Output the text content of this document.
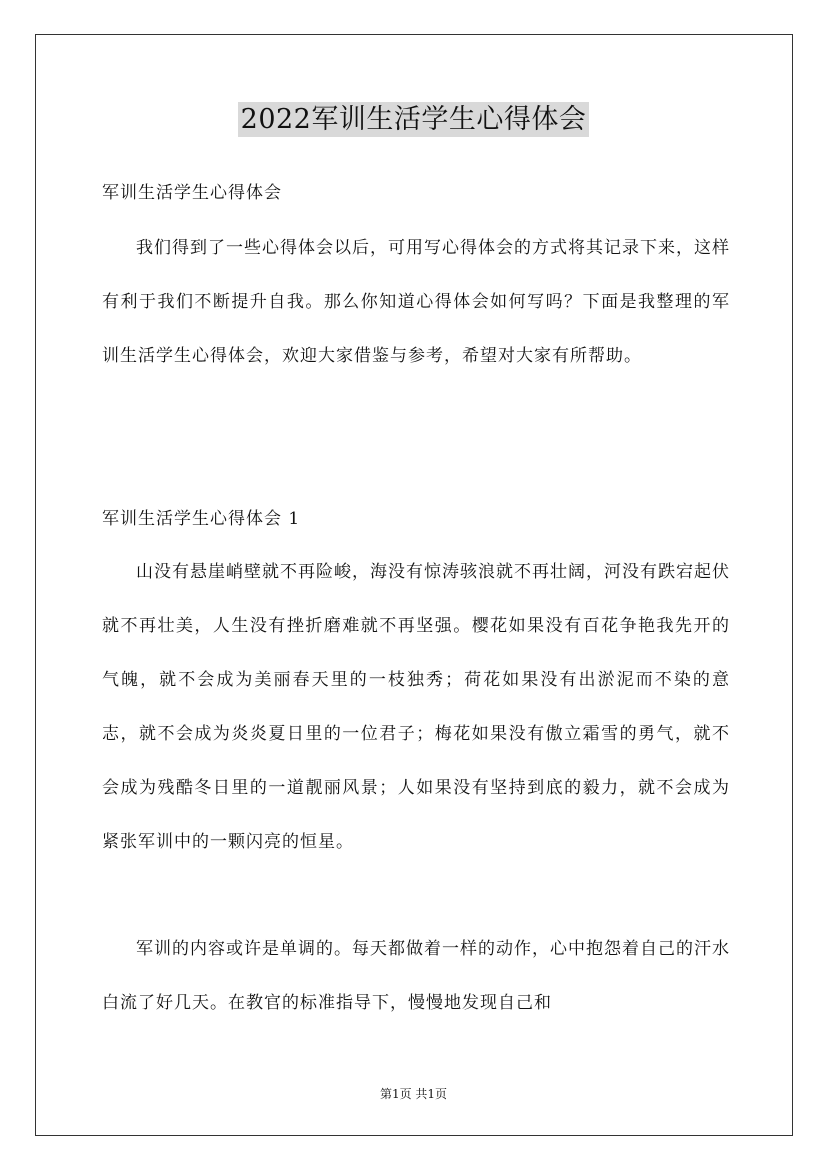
2022军训生活学生心得体会
军训生活学生心得体会

我们得到了一些心得体会以后，可用写心得体会的方式将其记录下来，这样有利于我们不断提升自我。那么你知道心得体会如何写吗？下面是我整理的军训生活学生心得体会，欢迎大家借鉴与参考，希望对大家有所帮助。

军训生活学生心得体会 1

山没有悬崖峭壁就不再险峻，海没有惊涛骇浪就不再壮阔，河没有跌宕起伏就不再壮美，人生没有挫折磨难就不再坚强。樱花如果没有百花争艳我先开的气魄，就不会成为美丽春天里的一枝独秀；荷花如果没有出淤泥而不染的意志，就不会成为炎炎夏日里的一位君子；梅花如果没有傲立霜雪的勇气，就不会成为残酷冬日里的一道靓丽风景；人如果没有坚持到底的毅力，就不会成为紧张军训中的一颗闪亮的恒星。

军训的内容或许是单调的。每天都做着一样的动作，心中抱怨着自己的汗水白流了好几天。在教官的标准指导下，慢慢地发现自己和

第1页 共1页
